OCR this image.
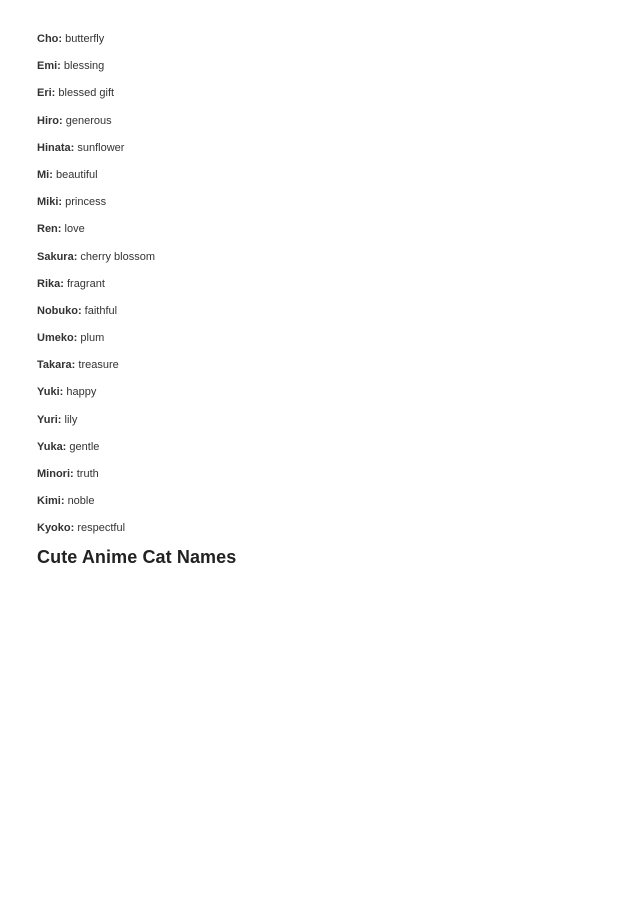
Cho: butterfly
Emi: blessing
Eri: blessed gift
Hiro: generous
Hinata: sunflower
Mi: beautiful
Miki: princess
Ren: love
Sakura: cherry blossom
Rika: fragrant
Nobuko: faithful
Umeko: plum
Takara: treasure
Yuki: happy
Yuri: lily
Yuka: gentle
Minori: truth
Kimi: noble
Kyoko: respectful
Cute Anime Cat Names
